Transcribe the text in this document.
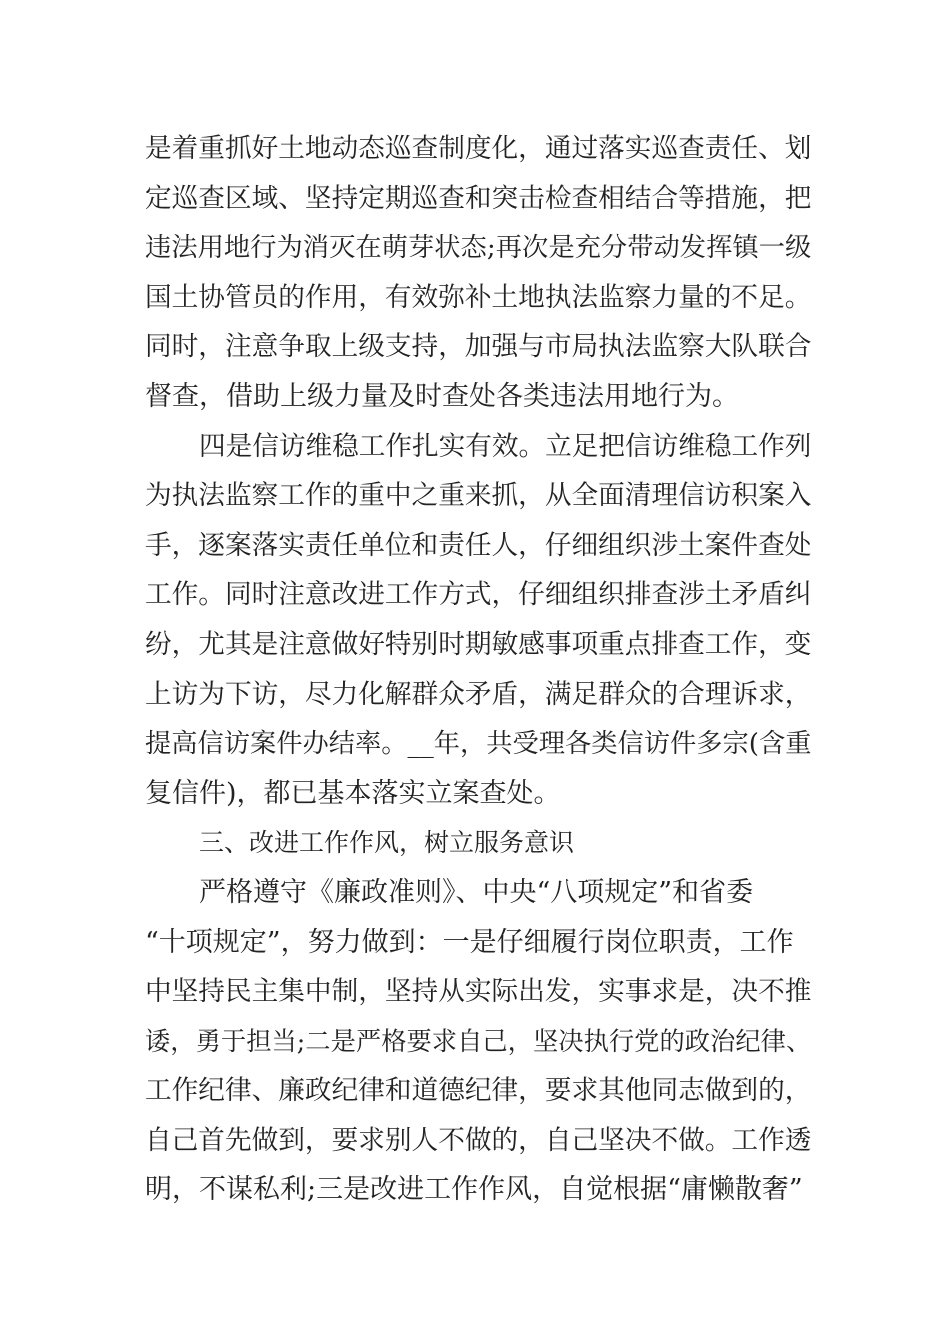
是着重抓好土地动态巡查制度化，通过落实巡查责任、划
定巡查区域、坚持定期巡查和突击检查相结合等措施，把
违法用地行为消灭在萌芽状态;再次是充分带动发挥镇一级
国土协管员的作用，有效弥补土地执法监察力量的不足。
同时，注意争取上级支持，加强与市局执法监察大队联合
督查，借助上级力量及时查处各类违法用地行为。
四是信访维稳工作扎实有效。立足把信访维稳工作列
为执法监察工作的重中之重来抓，从全面清理信访积案入
手，逐案落实责任单位和责任人，仔细组织涉土案件查处
工作。同时注意改进工作方式，仔细组织排查涉土矛盾纠
纷，尤其是注意做好特别时期敏感事项重点排查工作，变
上访为下访，尽力化解群众矛盾，满足群众的合理诉求，
提高信访案件办结率。__年，共受理各类信访件多宗(含重
复信件)，都已基本落实立案查处。
三、改进工作作风，树立服务意识
严格遵守《廉政准则》、中央“八项规定”和省委
“十项规定”，努力做到：一是仔细履行岗位职责，工作
中坚持民主集中制，坚持从实际出发，实事求是，决不推
诿，勇于担当;二是严格要求自己，坚决执行党的政治纪律、
工作纪律、廉政纪律和道德纪律，要求其他同志做到的，
自己首先做到，要求别人不做的，自己坚决不做。工作透
明，不谋私利;三是改进工作作风，自觉根据“庸懒散奢”
